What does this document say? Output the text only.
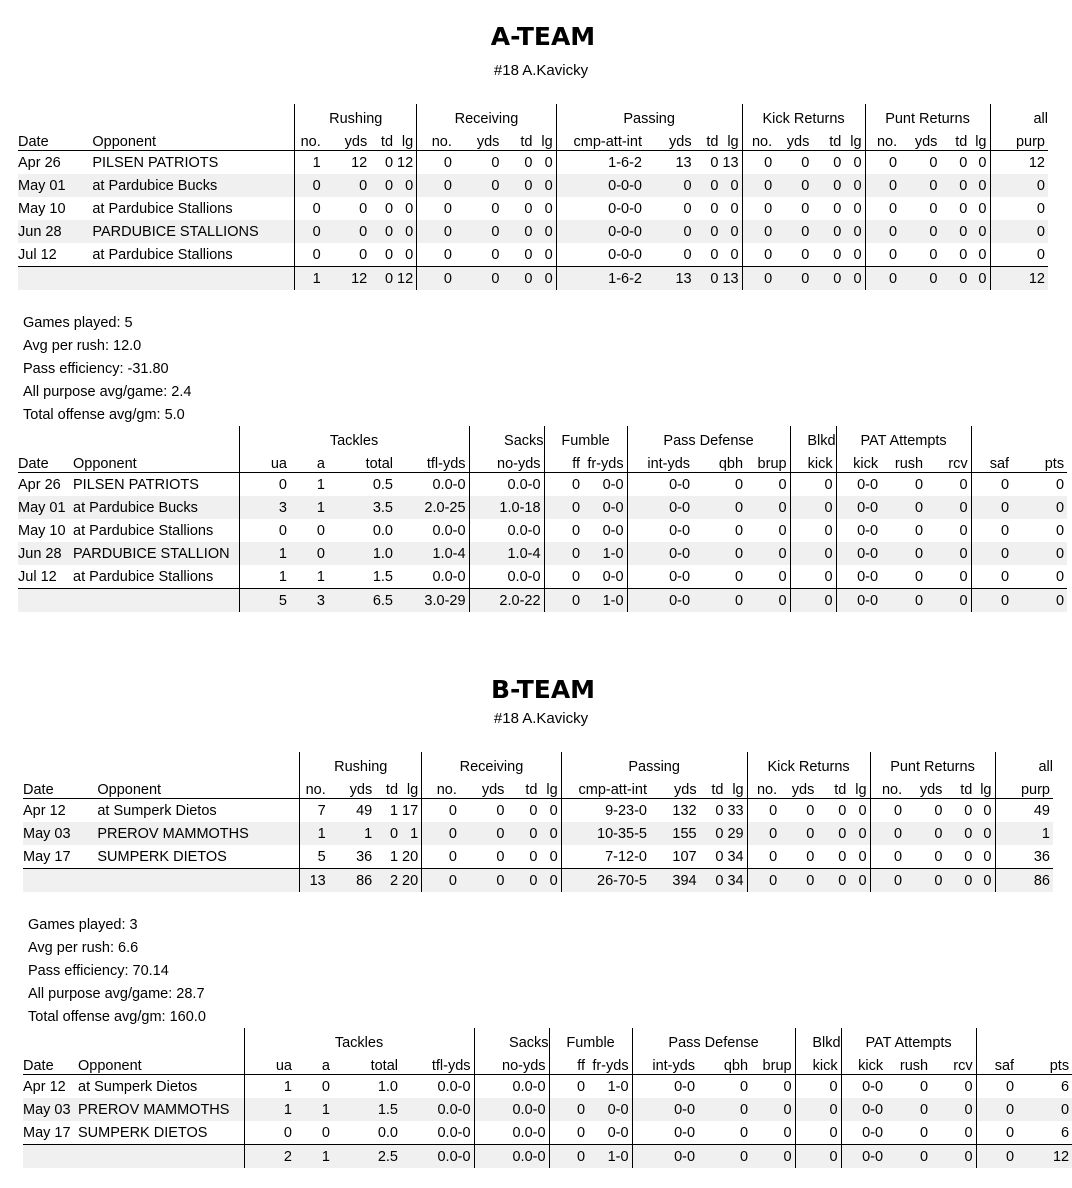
A-TEAM
#18 A.Kavicky
		Rushing				Receiving				Passing				Kick Returns				Punt Returns				all
Date	Opponent	no.	yds	td	lg	no.	yds	td	lg	cmp-att-int	yds	td	lg	no.	yds	td	lg	no.	yds	td	lg	purp
Apr 26	PILSEN PATRIOTS	1	12	0	12	0	0	0	0	1-6-2	13	0	13	0	0	0	0	0	0	0	0	12
May 01	at Pardubice Bucks	0	0	0	0	0	0	0	0	0-0-0	0	0	0	0	0	0	0	0	0	0	0	0
May 10	at Pardubice Stallions	0	0	0	0	0	0	0	0	0-0-0	0	0	0	0	0	0	0	0	0	0	0	0
Jun 28	PARDUBICE STALLIONS	0	0	0	0	0	0	0	0	0-0-0	0	0	0	0	0	0	0	0	0	0	0	0
Jul 12	at Pardubice Stallions	0	0	0	0	0	0	0	0	0-0-0	0	0	0	0	0	0	0	0	0	0	0	0
		1	12	0	12	0	0	0	0	1-6-2	13	0	13	0	0	0	0	0	0	0	0	12
Games played: 5
Avg per rush: 12.0
Pass efficiency: -31.80
All purpose avg/game: 2.4
Total offense avg/gm: 5.0
		Tackles				Sacks	Fumble		Pass Defense			Blkd	PAT Attempts				
Date	Opponent	ua	a	total	tfl-yds	no-yds	ff	fr-yds	int-yds	qbh	brup	kick	kick	rush	rcv	saf	pts
Apr 26	PILSEN PATRIOTS	0	1	0.5	0.0-0	0.0-0	0	0-0	0-0	0	0	0	0-0	0	0	0	0
May 01	at Pardubice Bucks	3	1	3.5	2.0-25	1.0-18	0	0-0	0-0	0	0	0	0-0	0	0	0	0
May 10	at Pardubice Stallions	0	0	0.0	0.0-0	0.0-0	0	0-0	0-0	0	0	0	0-0	0	0	0	0
Jun 28	PARDUBICE STALLION	1	0	1.0	1.0-4	1.0-4	0	1-0	0-0	0	0	0	0-0	0	0	0	0
Jul 12	at Pardubice Stallions	1	1	1.5	0.0-0	0.0-0	0	0-0	0-0	0	0	0	0-0	0	0	0	0
		5	3	6.5	3.0-29	2.0-22	0	1-0	0-0	0	0	0	0-0	0	0	0	0
B-TEAM
#18 A.Kavicky
		Rushing				Receiving				Passing				Kick Returns				Punt Returns				all
Date	Opponent	no.	yds	td	lg	no.	yds	td	lg	cmp-att-int	yds	td	lg	no.	yds	td	lg	no.	yds	td	lg	purp
Apr 12	at Sumperk Dietos	7	49	1	17	0	0	0	0	9-23-0	132	0	33	0	0	0	0	0	0	0	0	49
May 03	PREROV MAMMOTHS	1	1	0	1	0	0	0	0	10-35-5	155	0	29	0	0	0	0	0	0	0	0	1
May 17	SUMPERK DIETOS	5	36	1	20	0	0	0	0	7-12-0	107	0	34	0	0	0	0	0	0	0	0	36
		13	86	2	20	0	0	0	0	26-70-5	394	0	34	0	0	0	0	0	0	0	0	86
Games played: 3
Avg per rush: 6.6
Pass efficiency: 70.14
All purpose avg/game: 28.7
Total offense avg/gm: 160.0
		Tackles				Sacks	Fumble		Pass Defense			Blkd	PAT Attempts				
Date	Opponent	ua	a	total	tfl-yds	no-yds	ff	fr-yds	int-yds	qbh	brup	kick	kick	rush	rcv	saf	pts
Apr 12	at Sumperk Dietos	1	0	1.0	0.0-0	0.0-0	0	1-0	0-0	0	0	0	0-0	0	0	0	6
May 03	PREROV MAMMOTHS	1	1	1.5	0.0-0	0.0-0	0	0-0	0-0	0	0	0	0-0	0	0	0	0
May 17	SUMPERK DIETOS	0	0	0.0	0.0-0	0.0-0	0	0-0	0-0	0	0	0	0-0	0	0	0	6
		2	1	2.5	0.0-0	0.0-0	0	1-0	0-0	0	0	0	0-0	0	0	0	12
